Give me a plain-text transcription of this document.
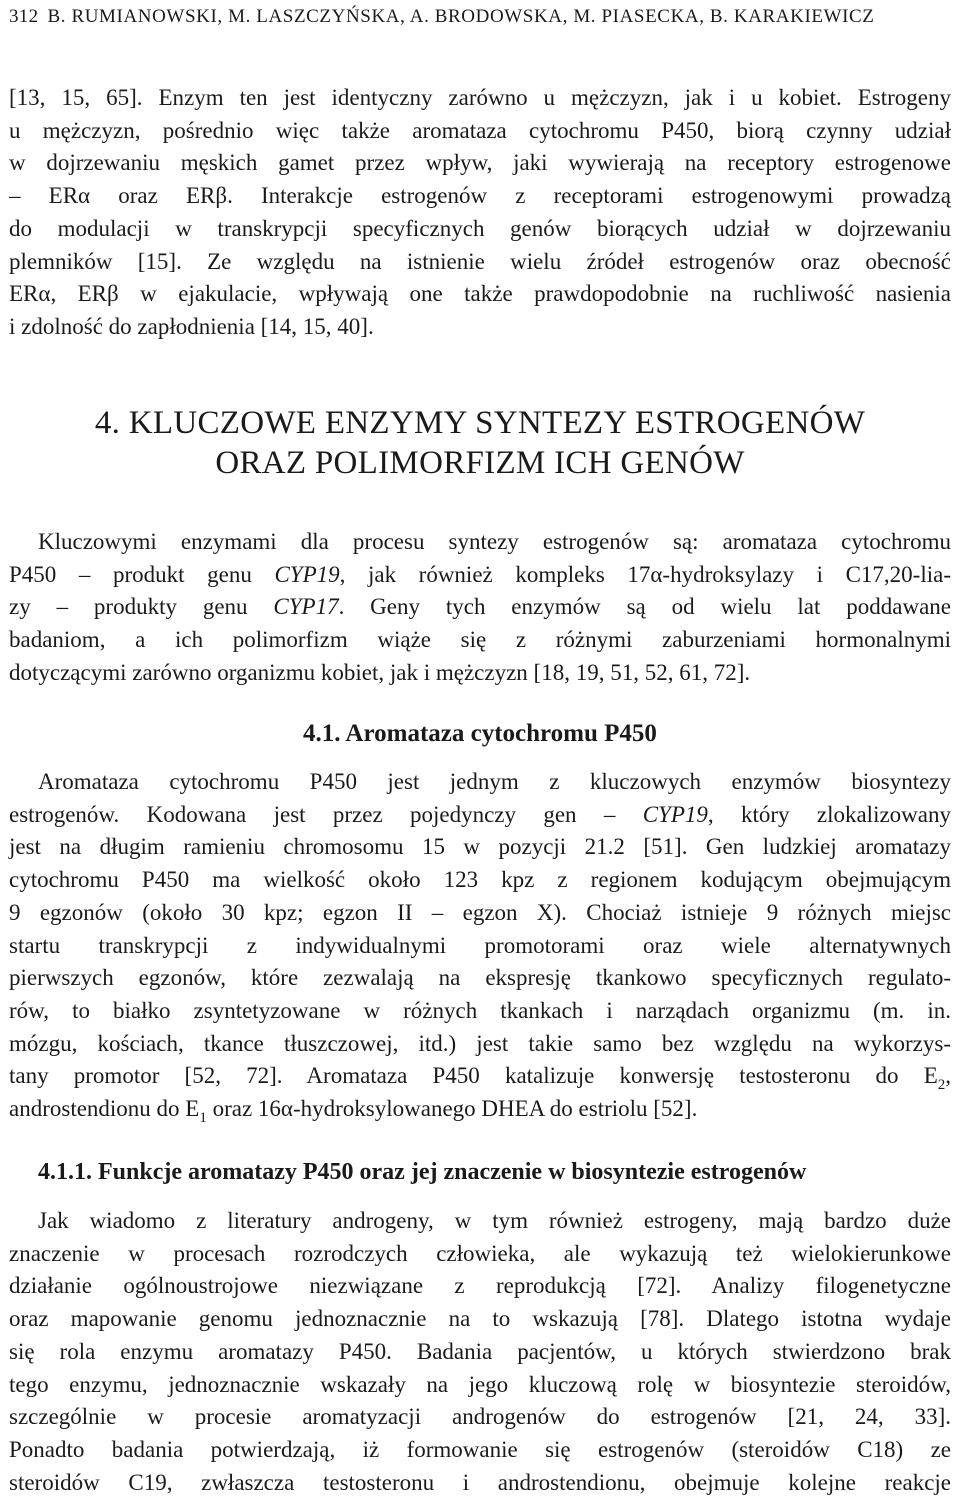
312 B. RUMIANOWSKI, M. LASZCZYŃSKA, A. BRODOWSKA, M. PIASECKA, B. KARAKIEWICZ
[13, 15, 65]. Enzym ten jest identyczny zarówno u mężczyzn, jak i u kobiet. Estrogeny
u mężczyzn, pośrednio więc także aromataza cytochromu P450, biorą czynny udział
w dojrzewaniu męskich gamet przez wpływ, jaki wywierają na receptory estrogenowe
– ERα oraz ERβ. Interakcje estrogenów z receptorami estrogenowymi prowadzą
do modulacji w transkrypcji specyficznych genów biorących udział w dojrzewaniu
plemników [15]. Ze względu na istnienie wielu źródeł estrogenów oraz obecność
ERα, ERβ w ejakulacie, wpływają one także prawdopodobnie na ruchliwość nasienia
i zdolność do zapłodnienia [14, 15, 40].
4. KLUCZOWE ENZYMY SYNTEZY ESTROGENÓW
ORAZ POLIMORFIZM ICH GENÓW
Kluczowymi enzymami dla procesu syntezy estrogenów są: aromataza cytochromu
P450 – produkt genu CYP19, jak również kompleks 17α-hydroksylazy i C17,20-lia-
zy – produkty genu CYP17. Geny tych enzymów są od wielu lat poddawane
badaniom, a ich polimorfizm wiąże się z różnymi zaburzeniami hormonalnymi
dotyczącymi zarówno organizmu kobiet, jak i mężczyzn [18, 19, 51, 52, 61, 72].
4.1. Aromataza cytochromu P450
Aromataza cytochromu P450 jest jednym z kluczowych enzymów biosyntezy
estrogenów. Kodowana jest przez pojedynczy gen – CYP19, który zlokalizowany
jest na długim ramieniu chromosomu 15 w pozycji 21.2 [51]. Gen ludzkiej aromatazy
cytochromu P450 ma wielkość około 123 kpz z regionem kodującym obejmującym
9 egzonów (około 30 kpz; egzon II – egzon X). Chociaż istnieje 9 różnych miejsc
startu transkrypcji z indywidualnymi promotorami oraz wiele alternatywnych
pierwszych egzonów, które zezwalają na ekspresję tkankowo specyficznych regulato-
rów, to białko zsyntetyzowane w różnych tkankach i narządach organizmu (m. in.
mózgu, kościach, tkance tłuszczowej, itd.) jest takie samo bez względu na wykorzys-
tany promotor [52, 72]. Aromataza P450 katalizuje konwersję testosteronu do $E_2$,
androstendionu do $E_1$ oraz 16α-hydroksylowanego DHEA do estriolu [52].
4.1.1. Funkcje aromatazy P450 oraz jej znaczenie w biosyntezie estrogenów
Jak wiadomo z literatury androgeny, w tym również estrogeny, mają bardzo duże
znaczenie w procesach rozrodczych człowieka, ale wykazują też wielokierunkowe
działanie ogólnoustrojowe niezwiązane z reprodukcją [72]. Analizy filogenetyczne
oraz mapowanie genomu jednoznacznie na to wskazują [78]. Dlatego istotna wydaje
się rola enzymu aromatazy P450. Badania pacjentów, u których stwierdzono brak
tego enzymu, jednoznacznie wskazały na jego kluczową rolę w biosyntezie steroidów,
szczególnie w procesie aromatyzacji androgenów do estrogenów [21, 24, 33].
Ponadto badania potwierdzają, iż formowanie się estrogenów (steroidów C18) ze
steroidów C19, zwłaszcza testosteronu i androstendionu, obejmuje kolejne reakcje
